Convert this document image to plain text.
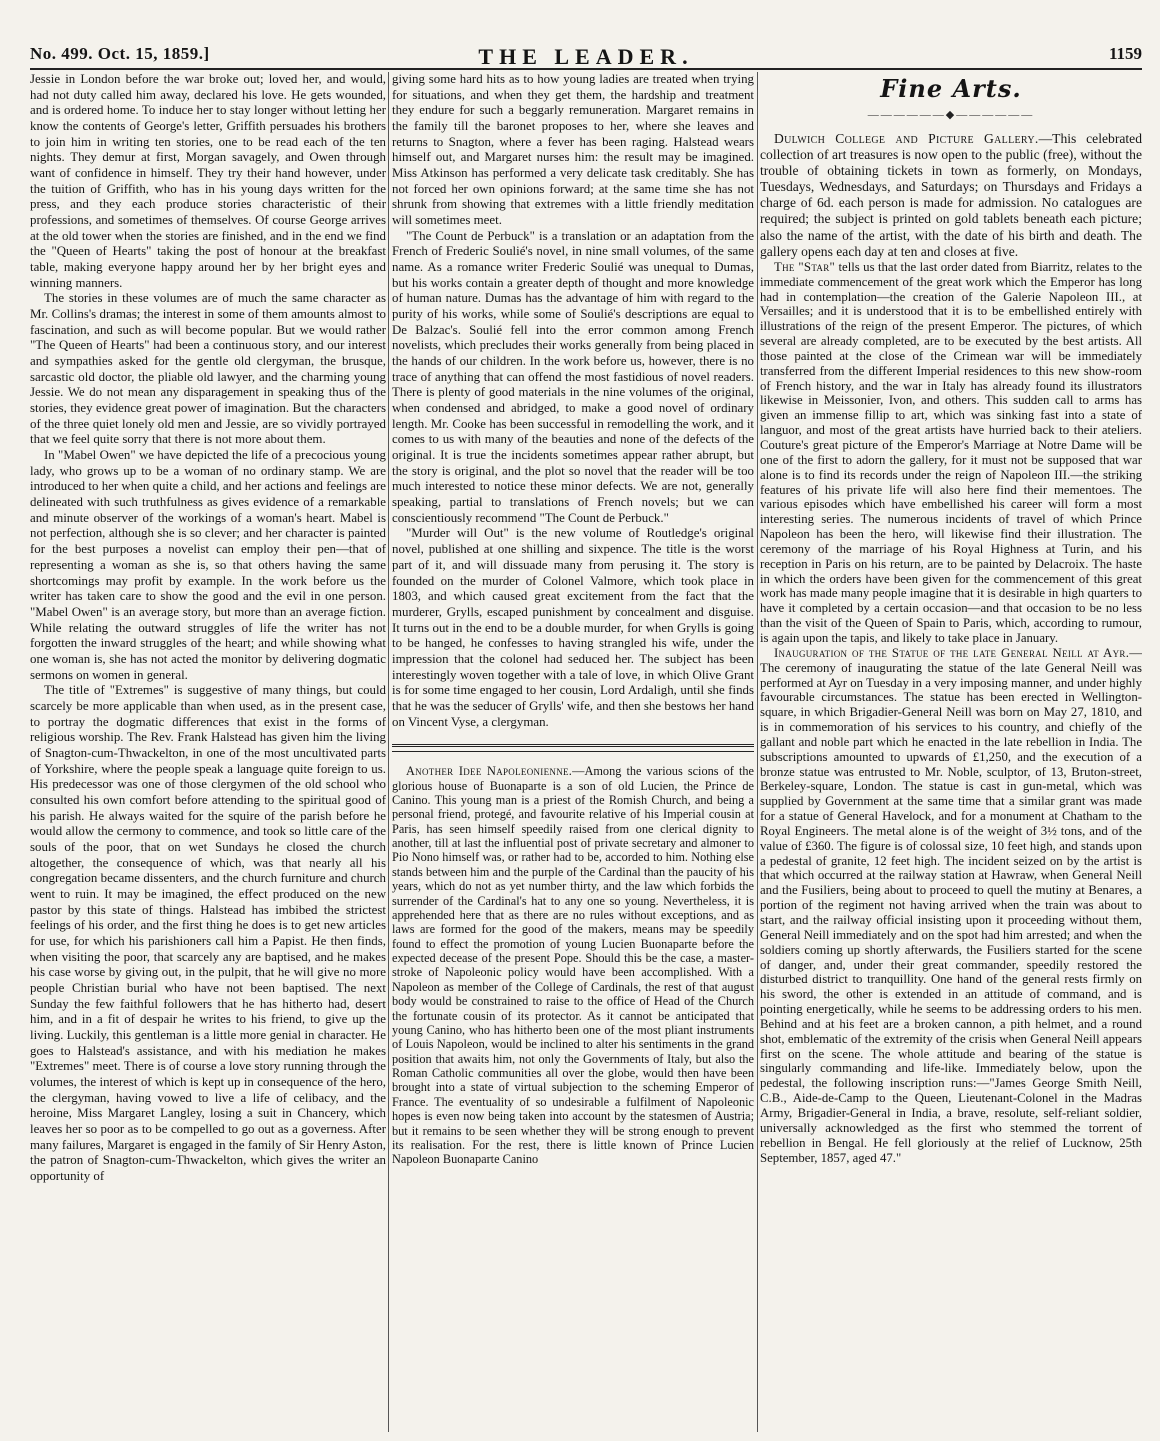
No. 499. Oct. 15, 1859.]	THE LEADER.	1159

Jessie in London before the war broke out; loved her, and would, had not duty called him away, declared his love. He gets wounded, and is ordered home. To induce her to stay longer without letting her know the contents of George's letter, Griffith persuades his brothers to join him in writing ten stories, one to be read each of the ten nights. They demur at first, Morgan savagely, and Owen through want of confidence in himself. They try their hand however, under the tuition of Griffith, who has in his young days written for the press, and they each produce stories characteristic of their professions, and sometimes of themselves. Of course George arrives at the old tower when the stories are finished, and in the end we find the "Queen of Hearts" taking the post of honour at the breakfast table, making everyone happy around her by her bright eyes and winning manners.

The stories in these volumes are of much the same character as Mr. Collins's dramas; the interest in some of them amounts almost to fascination, and such as will become popular. But we would rather "The Queen of Hearts" had been a continuous story, and our interest and sympathies asked for the gentle old clergyman, the brusque, sarcastic old doctor, the pliable old lawyer, and the charming young Jessie. We do not mean any disparagement in speaking thus of the stories, they evidence great power of imagination. But the characters of the three quiet lonely old men and Jessie, are so vividly portrayed that we feel quite sorry that there is not more about them.

In "Mabel Owen" we have depicted the life of a precocious young lady, who grows up to be a woman of no ordinary stamp. We are introduced to her when quite a child, and her actions and feelings are delineated with such truthfulness as gives evidence of a remarkable and minute observer of the workings of a woman's heart. Mabel is not perfection, although she is so clever; and her character is painted for the best purposes a novelist can employ their pen—that of representing a woman as she is, so that others having the same shortcomings may profit by example. In the work before us the writer has taken care to show the good and the evil in one person. "Mabel Owen" is an average story, but more than an average fiction. While relating the outward struggles of life the writer has not forgotten the inward struggles of the heart; and while showing what one woman is, she has not acted the monitor by delivering dogmatic sermons on women in general.

The title of "Extremes" is suggestive of many things, but could scarcely be more applicable than when used, as in the present case, to portray the dogmatic differences that exist in the forms of religious worship. The Rev. Frank Halstead has given him the living of Snagton-cum-Thwackelton, in one of the most uncultivated parts of Yorkshire, where the people speak a language quite foreign to us. His predecessor was one of those clergymen of the old school who consulted his own comfort before attending to the spiritual good of his parish. He always waited for the squire of the parish before he would allow the cermony to commence, and took so little care of the souls of the poor, that on wet Sundays he closed the church altogether, the consequence of which, was that nearly all his congregation became dissenters, and the church furniture and church went to ruin. It may be imagined, the effect produced on the new pastor by this state of things. Halstead has imbibed the strictest feelings of his order, and the first thing he does is to get new articles for use, for which his parishioners call him a Papist. He then finds, when visiting the poor, that scarcely any are baptised, and he makes his case worse by giving out, in the pulpit, that he will give no more people Christian burial who have not been baptised. The next Sunday the few faithful followers that he has hitherto had, desert him, and in a fit of despair he writes to his friend, to give up the living. Luckily, this gentleman is a little more genial in character. He goes to Halstead's assistance, and with his mediation he makes "Extremes" meet. There is of course a love story running through the volumes, the interest of which is kept up in consequence of the hero, the clergyman, having vowed to live a life of celibacy, and the heroine, Miss Margaret Langley, losing a suit in Chancery, which leaves her so poor as to be compelled to go out as a governess. After many failures, Margaret is engaged in the family of Sir Henry Aston, the patron of Snagton-cum-Thwackelton, which gives the writer an opportunity of

giving some hard hits as to how young ladies are treated when trying for situations, and when they get them, the hardship and treatment they endure for such a beggarly remuneration. Margaret remains in the family till the baronet proposes to her, where she leaves and returns to Snagton, where a fever has been raging. Halstead wears himself out, and Margaret nurses him: the result may be imagined. Miss Atkinson has performed a very delicate task creditably. She has not forced her own opinions forward; at the same time she has not shrunk from showing that extremes with a little friendly meditation will sometimes meet.

"The Count de Perbuck" is a translation or an adaptation from the French of Frederic Soulié's novel, in nine small volumes, of the same name. As a romance writer Frederic Soulié was unequal to Dumas, but his works contain a greater depth of thought and more knowledge of human nature. Dumas has the advantage of him with regard to the purity of his works, while some of Soulié's descriptions are equal to De Balzac's. Soulié fell into the error common among French novelists, which precludes their works generally from being placed in the hands of our children. In the work before us, however, there is no trace of anything that can offend the most fastidious of novel readers. There is plenty of good materials in the nine volumes of the original, when condensed and abridged, to make a good novel of ordinary length. Mr. Cooke has been successful in remodelling the work, and it comes to us with many of the beauties and none of the defects of the original. It is true the incidents sometimes appear rather abrupt, but the story is original, and the plot so novel that the reader will be too much interested to notice these minor defects. We are not, generally speaking, partial to translations of French novels; but we can conscientiously recommend "The Count de Perbuck."

"Murder will Out" is the new volume of Routledge's original novel, published at one shilling and sixpence. The title is the worst part of it, and will dissuade many from perusing it. The story is founded on the murder of Colonel Valmore, which took place in 1803, and which caused great excitement from the fact that the murderer, Grylls, escaped punishment by concealment and disguise. It turns out in the end to be a double murder, for when Grylls is going to be hanged, he confesses to having strangled his wife, under the impression that the colonel had seduced her. The subject has been interestingly woven together with a tale of love, in which Olive Grant is for some time engaged to her cousin, Lord Ardaligh, until she finds that he was the seducer of Grylls' wife, and then she bestows her hand on Vincent Vyse, a clergyman.

Another Idee Napoleonienne.—Among the various scions of the glorious house of Buonaparte is a son of old Lucien, the Prince de Canino. This young man is a priest of the Romish Church, and being a personal friend, protegé, and favourite relative of his Imperial cousin at Paris, has seen himself speedily raised from one clerical dignity to another, till at last the influential post of private secretary and almoner to Pio Nono himself was, or rather had to be, accorded to him. Nothing else stands between him and the purple of the Cardinal than the paucity of his years, which do not as yet number thirty, and the law which forbids the surrender of the Cardinal's hat to any one so young. Nevertheless, it is apprehended here that as there are no rules without exceptions, and as laws are formed for the good of the makers, means may be speedily found to effect the promotion of young Lucien Buonaparte before the expected decease of the present Pope. Should this be the case, a master-stroke of Napoleonic policy would have been accomplished. With a Napoleon as member of the College of Cardinals, the rest of that august body would be constrained to raise to the office of Head of the Church the fortunate cousin of its protector. As it cannot be anticipated that young Canino, who has hitherto been one of the most pliant instruments of Louis Napoleon, would be inclined to alter his sentiments in the grand position that awaits him, not only the Governments of Italy, but also the Roman Catholic communities all over the globe, would then have been brought into a state of virtual subjection to the scheming Emperor of France. The eventuality of so undesirable a fulfilment of Napoleonic hopes is even now being taken into account by the statesmen of Austria; but it remains to be seen whether they will be strong enough to prevent its realisation. For the rest, there is little known of Prince Lucien Napoleon Buonaparte Canino

Fine Arts.
——————◆——————

Dulwich College and Picture Gallery.—This celebrated collection of art treasures is now open to the public (free), without the trouble of obtaining tickets in town as formerly, on Mondays, Tuesdays, Wednesdays, and Saturdays; on Thursdays and Fridays a charge of 6d. each person is made for admission. No catalogues are required; the subject is printed on gold tablets beneath each picture; also the name of the artist, with the date of his birth and death. The gallery opens each day at ten and closes at five.

The "Star" tells us that the last order dated from Biarritz, relates to the immediate commencement of the great work which the Emperor has long had in contemplation—the creation of the Galerie Napoleon III., at Versailles; and it is understood that it is to be embellished entirely with illustrations of the reign of the present Emperor. The pictures, of which several are already completed, are to be executed by the best artists. All those painted at the close of the Crimean war will be immediately transferred from the different Imperial residences to this new show-room of French history, and the war in Italy has already found its illustrators likewise in Meissonier, Ivon, and others. This sudden call to arms has given an immense fillip to art, which was sinking fast into a state of languor, and most of the great artists have hurried back to their ateliers. Couture's great picture of the Emperor's Marriage at Notre Dame will be one of the first to adorn the gallery, for it must not be supposed that war alone is to find its records under the reign of Napoleon III.—the striking features of his private life will also here find their mementoes. The various episodes which have embellished his career will form a most interesting series. The numerous incidents of travel of which Prince Napoleon has been the hero, will likewise find their illustration. The ceremony of the marriage of his Royal Highness at Turin, and his reception in Paris on his return, are to be painted by Delacroix. The haste in which the orders have been given for the commencement of this great work has made many people imagine that it is desirable in high quarters to have it completed by a certain occasion—and that occasion to be no less than the visit of the Queen of Spain to Paris, which, according to rumour, is again upon the tapis, and likely to take place in January.

Inauguration of the Statue of the late General Neill at Ayr.—The ceremony of inaugurating the statue of the late General Neill was performed at Ayr on Tuesday in a very imposing manner, and under highly favourable circumstances. The statue has been erected in Wellington-square, in which Brigadier-General Neill was born on May 27, 1810, and is in commemoration of his services to his country, and chiefly of the gallant and noble part which he enacted in the late rebellion in India. The subscriptions amounted to upwards of £1,250, and the execution of a bronze statue was entrusted to Mr. Noble, sculptor, of 13, Bruton-street, Berkeley-square, London. The statue is cast in gun-metal, which was supplied by Government at the same time that a similar grant was made for a statue of General Havelock, and for a monument at Chatham to the Royal Engineers. The metal alone is of the weight of 3½ tons, and of the value of £360. The figure is of colossal size, 10 feet high, and stands upon a pedestal of granite, 12 feet high. The incident seized on by the artist is that which occurred at the railway station at Hawraw, when General Neill and the Fusiliers, being about to proceed to quell the mutiny at Benares, a portion of the regiment not having arrived when the train was about to start, and the railway official insisting upon it proceeding without them, General Neill immediately and on the spot had him arrested; and when the soldiers coming up shortly afterwards, the Fusiliers started for the scene of danger, and, under their great commander, speedily restored the disturbed district to tranquillity. One hand of the general rests firmly on his sword, the other is extended in an attitude of command, and is pointing energetically, while he seems to be addressing orders to his men. Behind and at his feet are a broken cannon, a pith helmet, and a round shot, emblematic of the extremity of the crisis when General Neill appears first on the scene. The whole attitude and bearing of the statue is singularly commanding and life-like. Immediately below, upon the pedestal, the following inscription runs:—"James George Smith Neill, C.B., Aide-de-Camp to the Queen, Lieutenant-Colonel in the Madras Army, Brigadier-General in India, a brave, resolute, self-reliant soldier, universally acknowledged as the first who stemmed the torrent of rebellion in Bengal. He fell gloriously at the relief of Lucknow, 25th September, 1857, aged 47."
